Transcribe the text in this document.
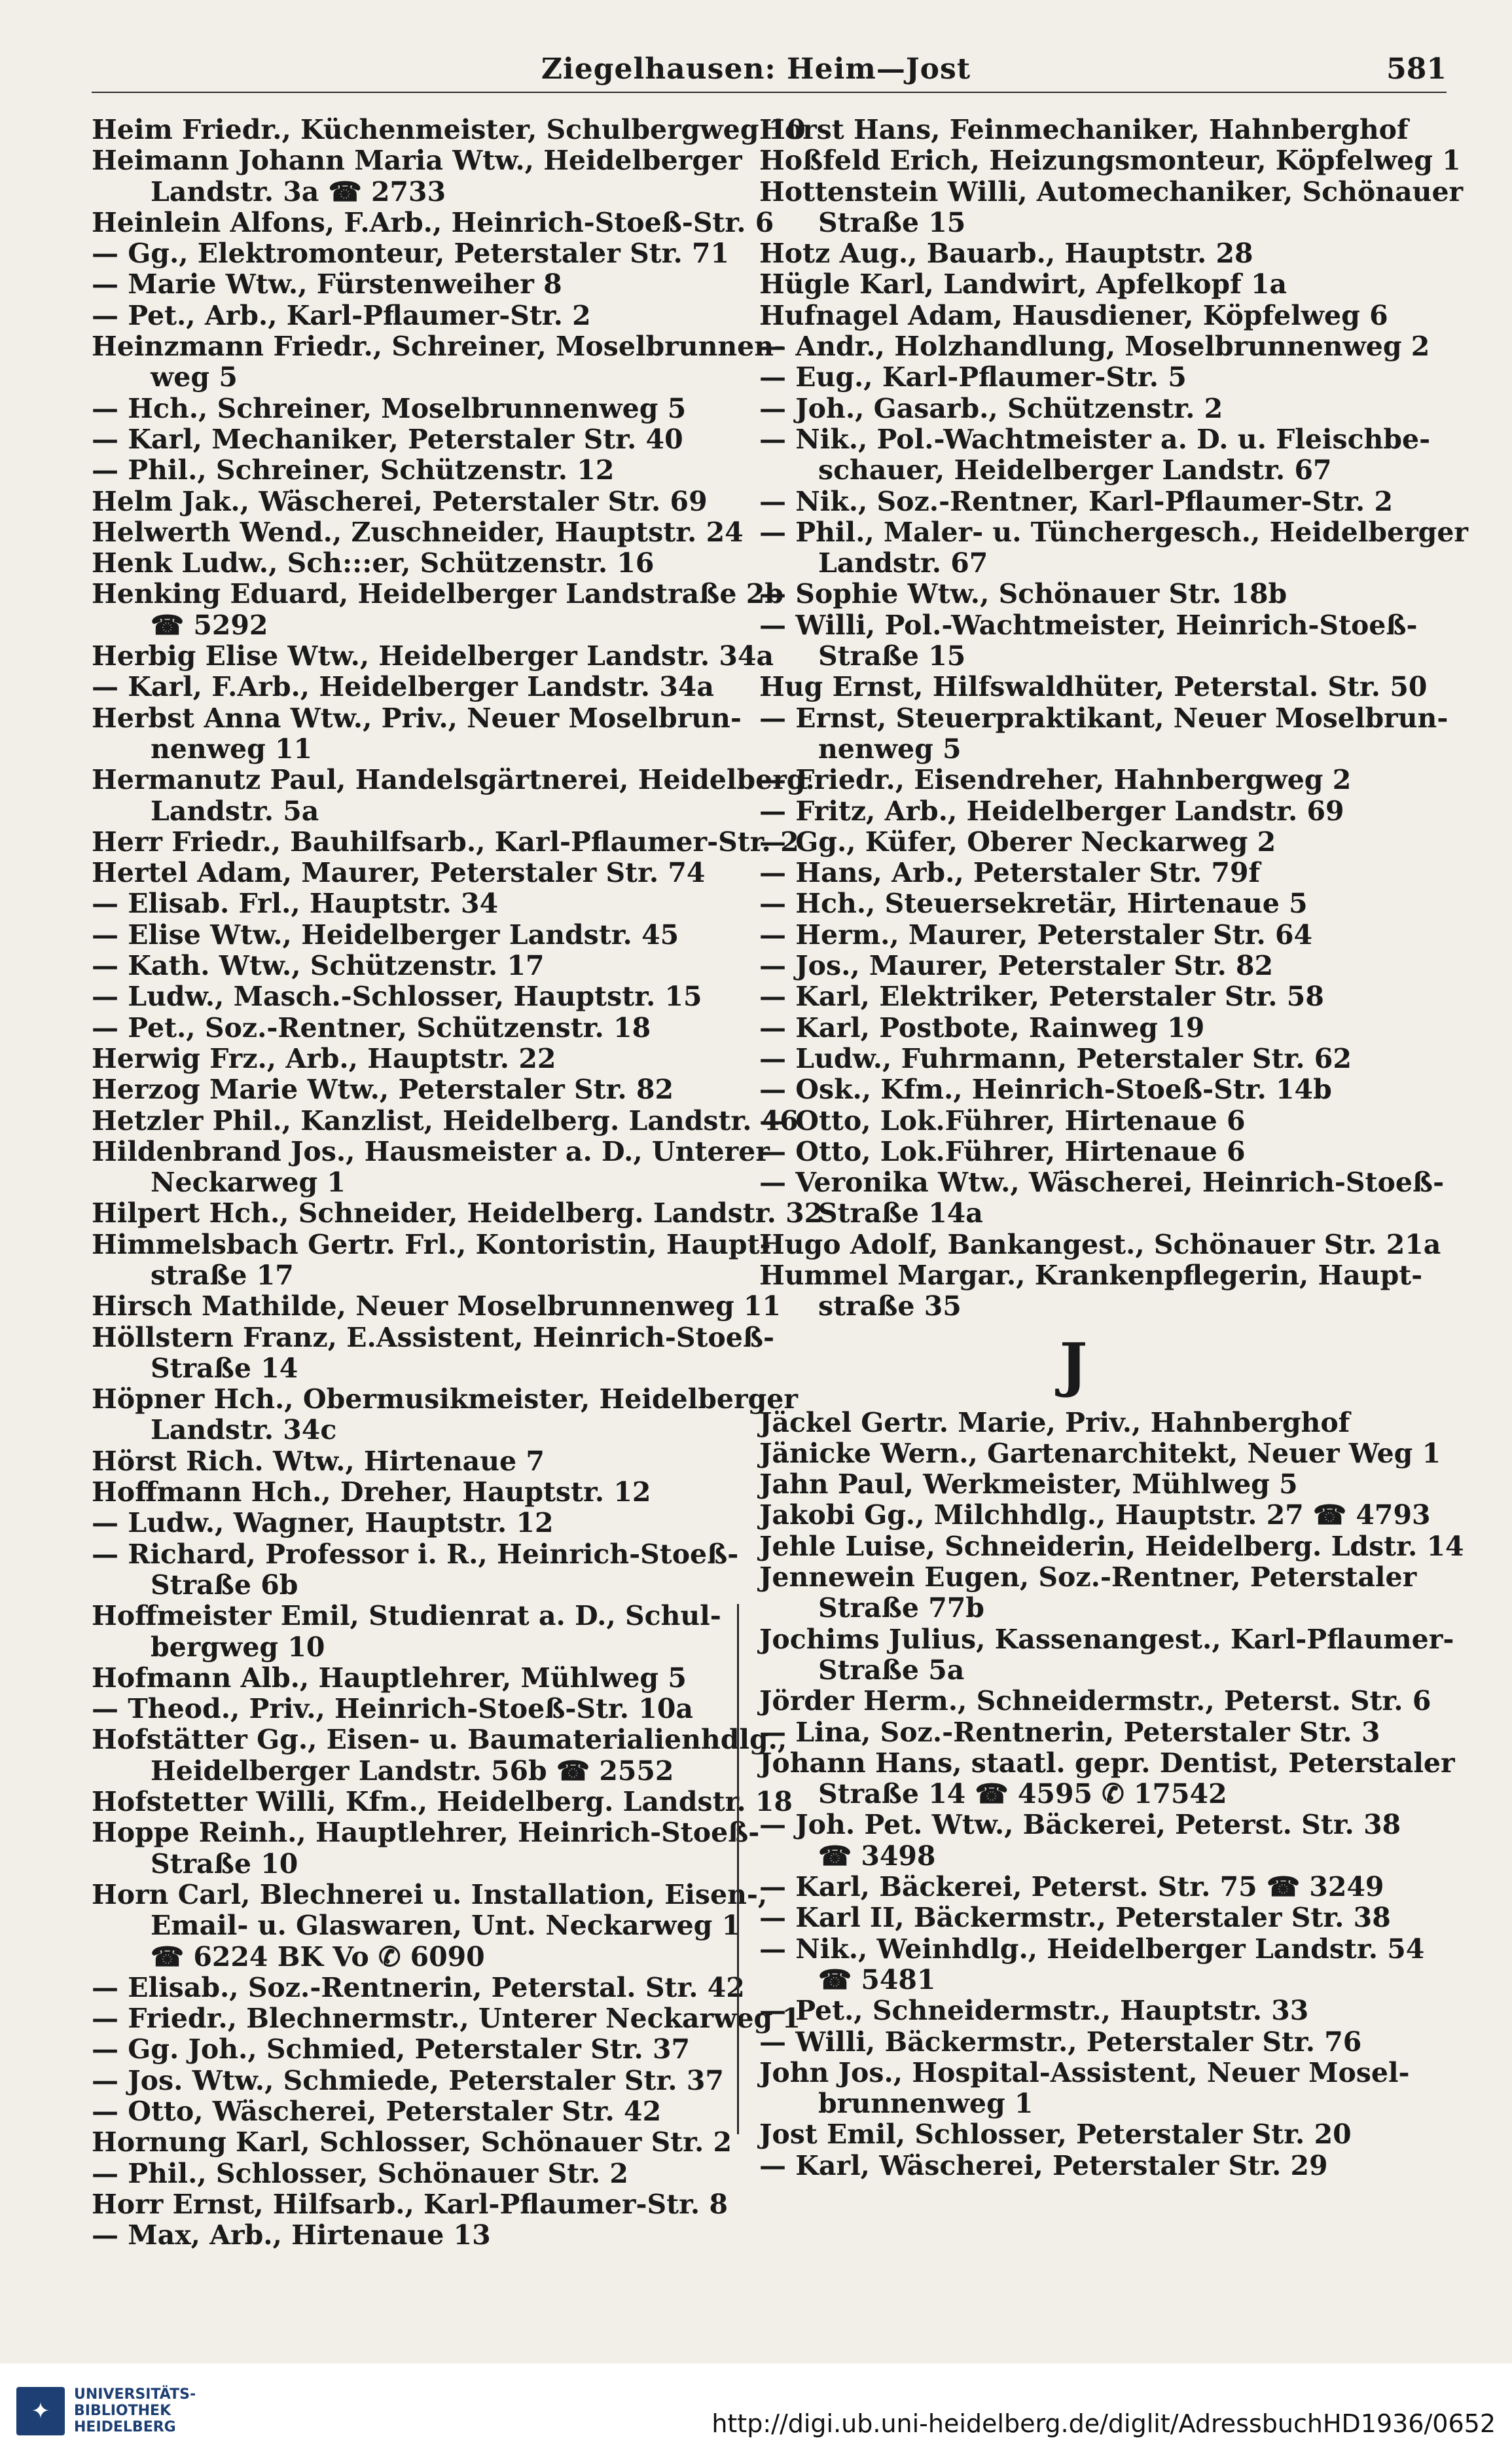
Ziegelhausen: Heim—Jost	581
Heim Friedr., Küchenmeister, Schulbergweg 10
Heimann Johann Maria Wtw., Heidelberger
Landstr. 3a ☎ 2733
Heinlein Alfons, F.Arb., Heinrich-Stoeß-Str. 6
— Gg., Elektromonteur, Peterstaler Str. 71
— Marie Wtw., Fürstenweiher 8
— Pet., Arb., Karl-Pflaumer-Str. 2
Heinzmann Friedr., Schreiner, Moselbrunnen-
weg 5
— Hch., Schreiner, Moselbrunnenweg 5
— Karl, Mechaniker, Peterstaler Str. 40
— Phil., Schreiner, Schützenstr. 12
Helm Jak., Wäscherei, Peterstaler Str. 69
Helwerth Wend., Zuschneider, Hauptstr. 24
Henk Ludw., Sch:::er, Schützenstr. 16
Henking Eduard, Heidelberger Landstraße 2b
☎ 5292
Herbig Elise Wtw., Heidelberger Landstr. 34a
— Karl, F.Arb., Heidelberger Landstr. 34a
Herbst Anna Wtw., Priv., Neuer Moselbrun-
nenweg 11
Hermanutz Paul, Handelsgärtnerei, Heidelberg.
Landstr. 5a
Herr Friedr., Bauhilfsarb., Karl-Pflaumer-Str. 2
Hertel Adam, Maurer, Peterstaler Str. 74
— Elisab. Frl., Hauptstr. 34
— Elise Wtw., Heidelberger Landstr. 45
— Kath. Wtw., Schützenstr. 17
— Ludw., Masch.-Schlosser, Hauptstr. 15
— Pet., Soz.-Rentner, Schützenstr. 18
Herwig Frz., Arb., Hauptstr. 22
Herzog Marie Wtw., Peterstaler Str. 82
Hetzler Phil., Kanzlist, Heidelberg. Landstr. 46
Hildenbrand Jos., Hausmeister a. D., Unterer
Neckarweg 1
Hilpert Hch., Schneider, Heidelberg. Landstr. 32
Himmelsbach Gertr. Frl., Kontoristin, Haupt-
straße 17
Hirsch Mathilde, Neuer Moselbrunnenweg 11
Höllstern Franz, E.Assistent, Heinrich-Stoeß-
Straße 14
Höpner Hch., Obermusikmeister, Heidelberger
Landstr. 34c
Hörst Rich. Wtw., Hirtenaue 7
Hoffmann Hch., Dreher, Hauptstr. 12
— Ludw., Wagner, Hauptstr. 12
— Richard, Professor i. R., Heinrich-Stoeß-
Straße 6b
Hoffmeister Emil, Studienrat a. D., Schul-
bergweg 10
Hofmann Alb., Hauptlehrer, Mühlweg 5
— Theod., Priv., Heinrich-Stoeß-Str. 10a
Hofstätter Gg., Eisen- u. Baumaterialienhdlg.,
Heidelberger Landstr. 56b ☎ 2552
Hofstetter Willi, Kfm., Heidelberg. Landstr. 18
Hoppe Reinh., Hauptlehrer, Heinrich-Stoeß-
Straße 10
Horn Carl, Blechnerei u. Installation, Eisen-,
Email- u. Glaswaren, Unt. Neckarweg 1
☎ 6224 BK Vo ✆ 6090
— Elisab., Soz.-Rentnerin, Peterstal. Str. 42
— Friedr., Blechnermstr., Unterer Neckarweg 1
— Gg. Joh., Schmied, Peterstaler Str. 37
— Jos. Wtw., Schmiede, Peterstaler Str. 37
— Otto, Wäscherei, Peterstaler Str. 42
Hornung Karl, Schlosser, Schönauer Str. 2
— Phil., Schlosser, Schönauer Str. 2
Horr Ernst, Hilfsarb., Karl-Pflaumer-Str. 8
— Max, Arb., Hirtenaue 13
Horst Hans, Feinmechaniker, Hahnberghof
Hoßfeld Erich, Heizungsmonteur, Köpfelweg 1
Hottenstein Willi, Automechaniker, Schönauer
Straße 15
Hotz Aug., Bauarb., Hauptstr. 28
Hügle Karl, Landwirt, Apfelkopf 1a
Hufnagel Adam, Hausdiener, Köpfelweg 6
— Andr., Holzhandlung, Moselbrunnenweg 2
— Eug., Karl-Pflaumer-Str. 5
— Joh., Gasarb., Schützenstr. 2
— Nik., Pol.-Wachtmeister a. D. u. Fleischbe-
schauer, Heidelberger Landstr. 67
— Nik., Soz.-Rentner, Karl-Pflaumer-Str. 2
— Phil., Maler- u. Tünchergesch., Heidelberger
Landstr. 67
— Sophie Wtw., Schönauer Str. 18b
— Willi, Pol.-Wachtmeister, Heinrich-Stoeß-
Straße 15
Hug Ernst, Hilfswaldhüter, Peterstal. Str. 50
— Ernst, Steuerpraktikant, Neuer Moselbrun-
nenweg 5
— Friedr., Eisendreher, Hahnbergweg 2
— Fritz, Arb., Heidelberger Landstr. 69
— Gg., Küfer, Oberer Neckarweg 2
— Hans, Arb., Peterstaler Str. 79f
— Hch., Steuersekretär, Hirtenaue 5
— Herm., Maurer, Peterstaler Str. 64
— Jos., Maurer, Peterstaler Str. 82
— Karl, Elektriker, Peterstaler Str. 58
— Karl, Postbote, Rainweg 19
— Ludw., Fuhrmann, Peterstaler Str. 62
— Osk., Kfm., Heinrich-Stoeß-Str. 14b
— Otto, Lok.Führer, Hirtenaue 6
— Otto, Lok.Führer, Hirtenaue 6
— Veronika Wtw., Wäscherei, Heinrich-Stoeß-
Straße 14a
Hugo Adolf, Bankangest., Schönauer Str. 21a
Hummel Margar., Krankenpflegerin, Haupt-
straße 35
J
Jäckel Gertr. Marie, Priv., Hahnberghof
Jänicke Wern., Gartenarchitekt, Neuer Weg 1
Jahn Paul, Werkmeister, Mühlweg 5
Jakobi Gg., Milchhdlg., Hauptstr. 27 ☎ 4793
Jehle Luise, Schneiderin, Heidelberg. Ldstr. 14
Jennewein Eugen, Soz.-Rentner, Peterstaler
Straße 77b
Jochims Julius, Kassenangest., Karl-Pflaumer-
Straße 5a
Jörder Herm., Schneidermstr., Peterst. Str. 6
— Lina, Soz.-Rentnerin, Peterstaler Str. 3
Johann Hans, staatl. gepr. Dentist, Peterstaler
Straße 14 ☎ 4595 ✆ 17542
— Joh. Pet. Wtw., Bäckerei, Peterst. Str. 38
☎ 3498
— Karl, Bäckerei, Peterst. Str. 75 ☎ 3249
— Karl II, Bäckermstr., Peterstaler Str. 38
— Nik., Weinhdlg., Heidelberger Landstr. 54
☎ 5481
— Pet., Schneidermstr., Hauptstr. 33
— Willi, Bäckermstr., Peterstaler Str. 76
John Jos., Hospital-Assistent, Neuer Mosel-
brunnenweg 1
Jost Emil, Schlosser, Peterstaler Str. 20
— Karl, Wäscherei, Peterstaler Str. 29
✦
UNIVERSITÄTS-
BIBLIOTHEK
HEIDELBERG	http://digi.ub.uni-heidelberg.de/diglit/AdressbuchHD1936/0652
